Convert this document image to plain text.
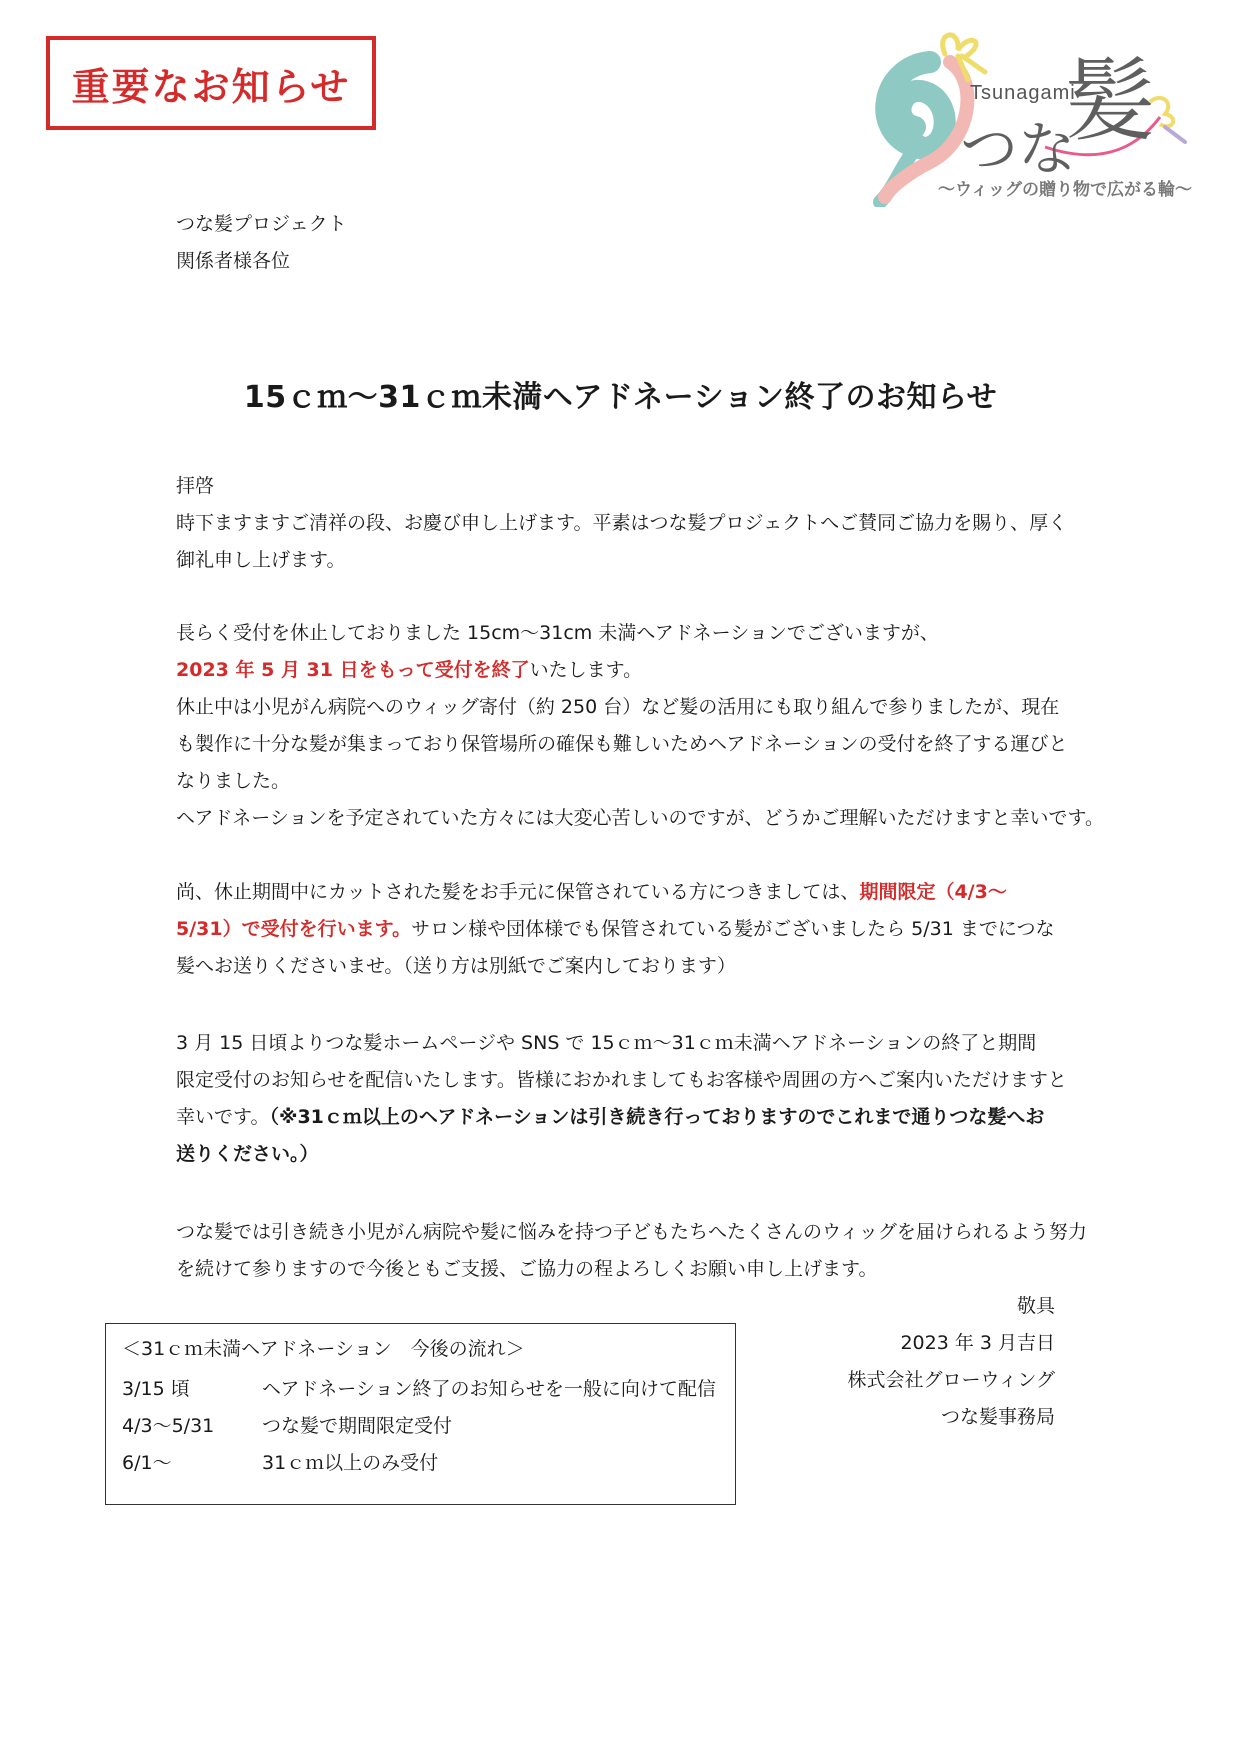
重要なお知らせ	Tsunagami
つな
髪
〜ウィッグの贈り物で広がる輪〜
つな髪プロジェクト
関係者様各位
15ｃｍ〜31ｃｍ未満ヘアドネーション終了のお知らせ
拝啓
時下ますますご清祥の段、お慶び申し上げます。平素はつな髪プロジェクトへご賛同ご協力を賜り、厚く
御礼申し上げます。
長らく受付を休止しておりました 15cm〜31cm 未満へアドネーションでございますが、
2023 年 5 月 31 日をもって受付を終了いたします。
休止中は小児がん病院へのウィッグ寄付（約 250 台）など髪の活用にも取り組んで参りましたが、現在
も製作に十分な髪が集まっており保管場所の確保も難しいためヘアドネーションの受付を終了する運びと
なりました。
ヘアドネーションを予定されていた方々には大変心苦しいのですが、どうかご理解いただけますと幸いです。
尚、休止期間中にカットされた髪をお手元に保管されている方につきましては、期間限定（4/3〜
5/31）で受付を行います。サロン様や団体様でも保管されている髪がございましたら 5/31 までにつな
髪へお送りくださいませ。（送り方は別紙でご案内しております）
3 月 15 日頃よりつな髪ホームページや SNS で 15ｃｍ〜31ｃｍ未満ヘアドネーションの終了と期間
限定受付のお知らせを配信いたします。皆様におかれましてもお客様や周囲の方へご案内いただけますと
幸いです。（※31ｃｍ以上のヘアドネーションは引き続き行っておりますのでこれまで通りつな髪へお
送りください。）
つな髪では引き続き小児がん病院や髪に悩みを持つ子どもたちへたくさんのウィッグを届けられるよう努力
を続けて参りますので今後ともご支援、ご協力の程よろしくお願い申し上げます。
敬具
2023 年 3 月吉日
株式会社グローウィング
つな髪事務局
＜31ｃｍ未満ヘアドネーション　今後の流れ＞
3/15 頃	ヘアドネーション終了のお知らせを一般に向けて配信
4/3〜5/31	つな髪で期間限定受付
6/1〜	31ｃｍ以上のみ受付
